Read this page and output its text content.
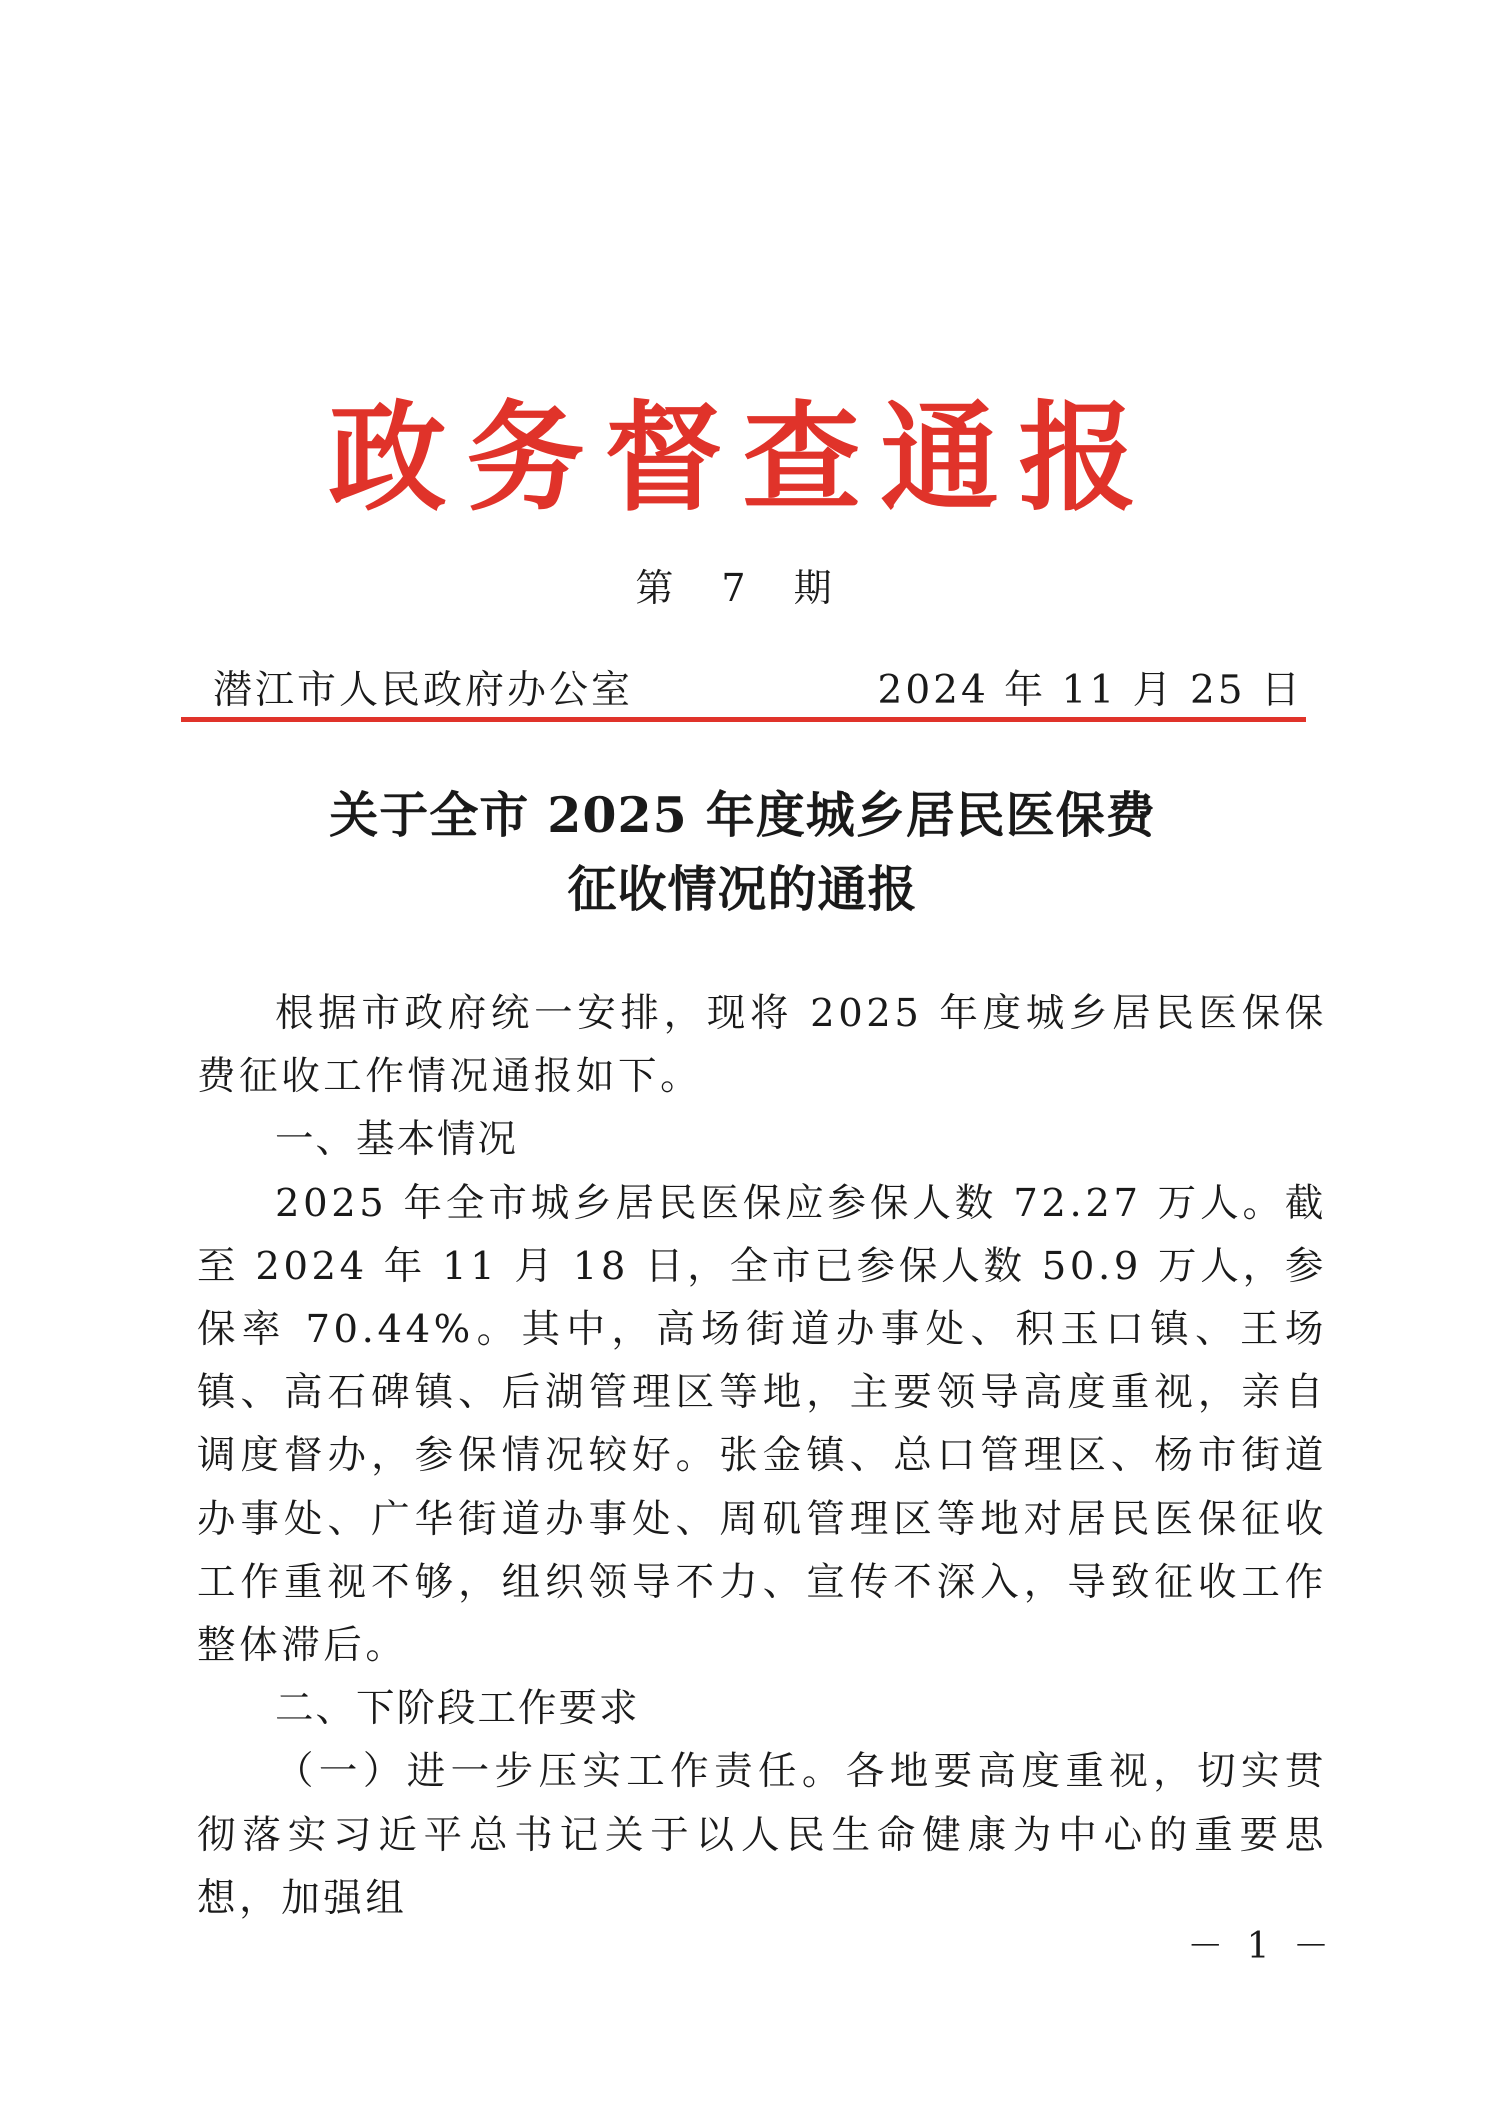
政务督查通报
第 7 期
潜江市人民政府办公室	2024 年 11 月 25 日
关于全市 2025 年度城乡居民医保费
征收情况的通报

根据市政府统一安排，现将 2025 年度城乡居民医保保费征收工作情况通报如下。

一、基本情况

2025 年全市城乡居民医保应参保人数 72.27 万人。截至 2024 年 11 月 18 日，全市已参保人数 50.9 万人，参保率 70.44%。其中，高场街道办事处、积玉口镇、王场镇、高石碑镇、后湖管理区等地，主要领导高度重视，亲自调度督办，参保情况较好。张金镇、总口管理区、杨市街道办事处、广华街道办事处、周矶管理区等地对居民医保征收工作重视不够，组织领导不力、宣传不深入，导致征收工作整体滞后。

二、下阶段工作要求

（一）进一步压实工作责任。各地要高度重视，切实贯彻落实习近平总书记关于以人民生命健康为中心的重要思想，加强组

－ 1 －
